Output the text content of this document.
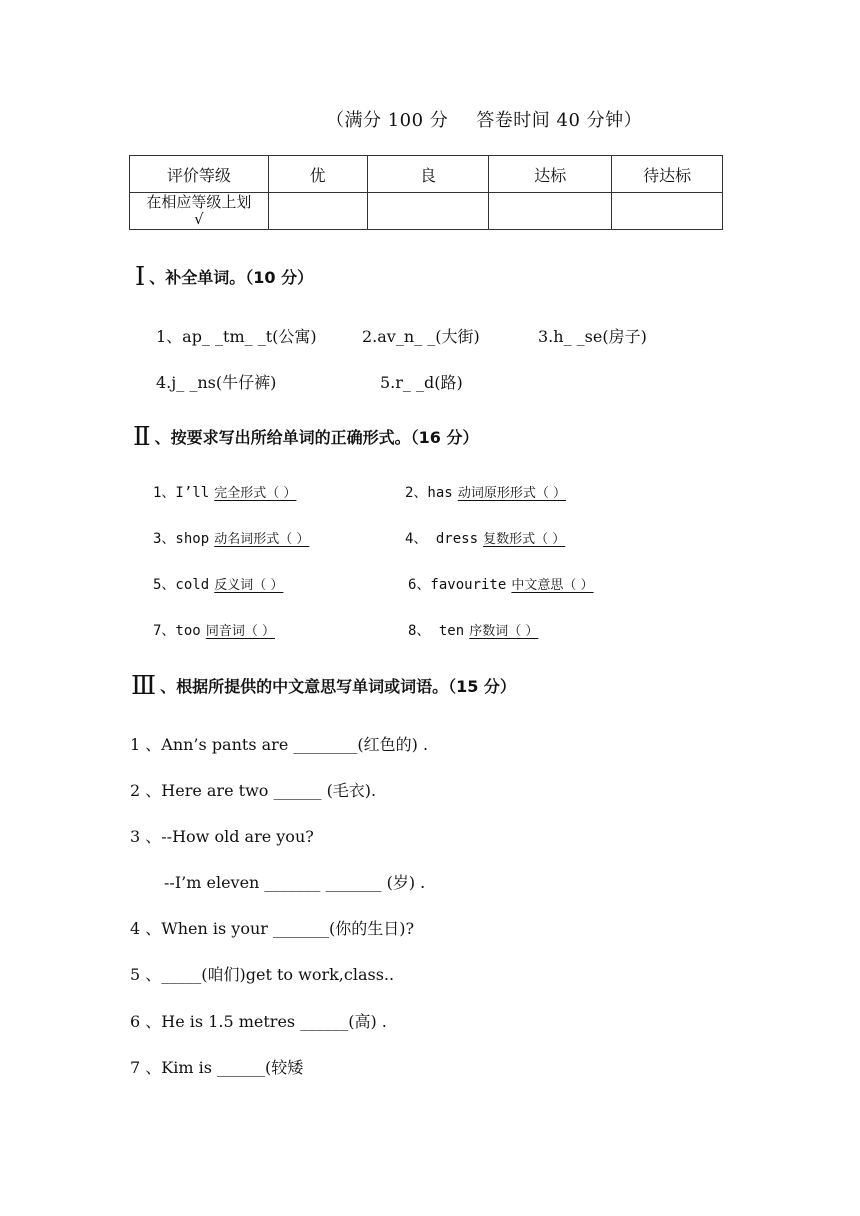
（满分 100 分 答卷时间 40 分钟）
评价等级	优	良	达标	待达标

在相应等级上划
√				

Ⅰ 、补全单词。（10 分）
1、ap_ _tm_ _t(公寓)	2.av_n_ _(大街)	3.h_ _se(房子)
4.j_ _ns(牛仔裤)	5.r_ _d(路)
Ⅱ 、按要求写出所给单词的正确形式。（16 分）
1、I’ll 完全形式（ ）	2、has 动词原形形式（ ）
3、shop 动名词形式（ ）	4、 dress 复数形式（ ）
5、cold 反义词（ ）	6、favourite 中文意思（ ）
7、too 同音词（ ）	8、 ten 序数词（ ）
Ⅲ 、根据所提供的中文意思写单词或词语。（15 分）
1 、Ann’s pants are ________(红色的) .
2 、Here are two ______ (毛衣).
3 、--How old are you?
--I’m eleven _______ _______ (岁) .
4 、When is your _______(你的生日)?
5 、_____(咱们)get to work,class..
6 、He is 1.5 metres ______(高) .
7 、Kim is ______(较矮
